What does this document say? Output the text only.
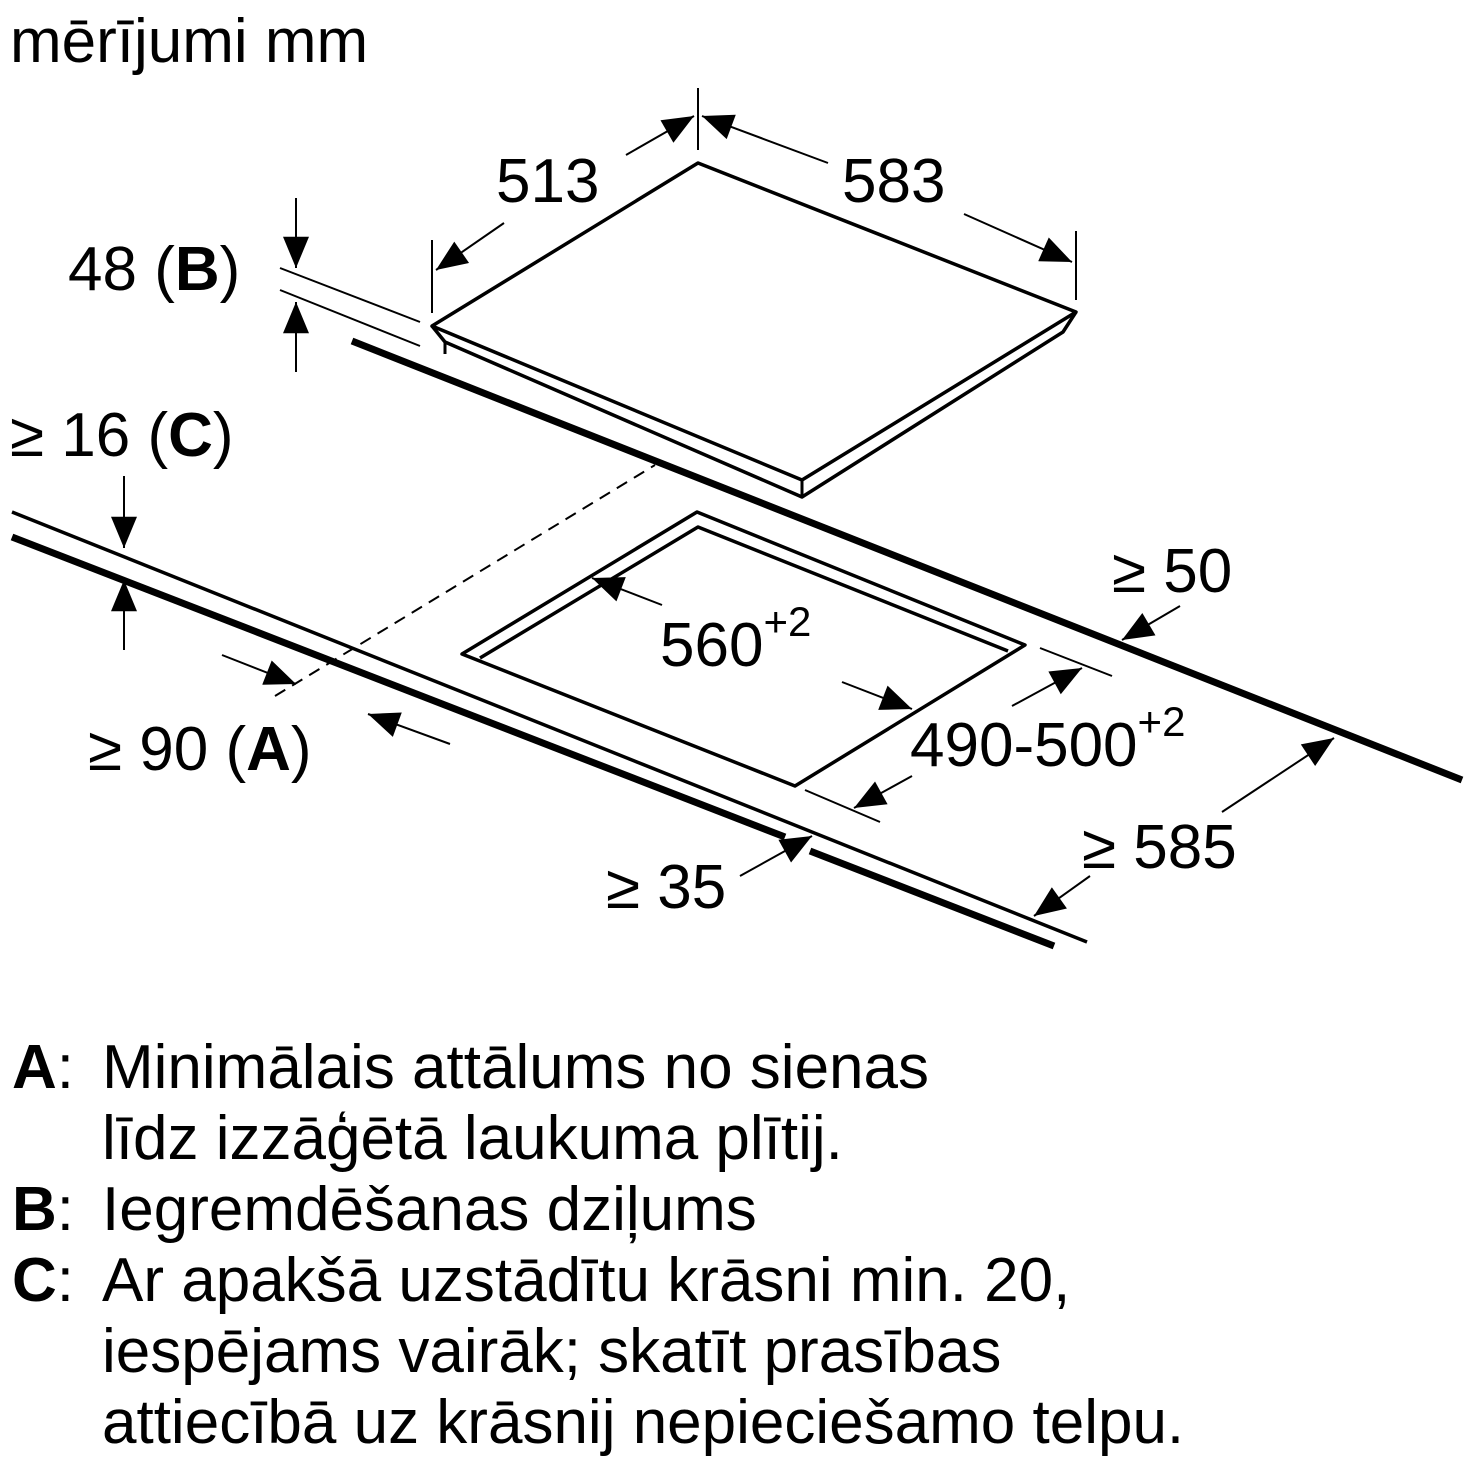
mērījumi mm
513	583
48 (B)
≥ 16 (C)
≥ 50
$560^{+2}$
$490-500^{+2}$
≥ 90 (A)
≥ 35
≥ 585
A: Minimālais attālums no sienas
līdz izzāģētā laukuma plītij.
B: Iegremdēšanas dziļums
C: Ar apakšā uzstādītu krāsni min. 20,
iespējams vairāk; skatīt prasības
attiecībā uz krāsnij nepieciešamo telpu.
